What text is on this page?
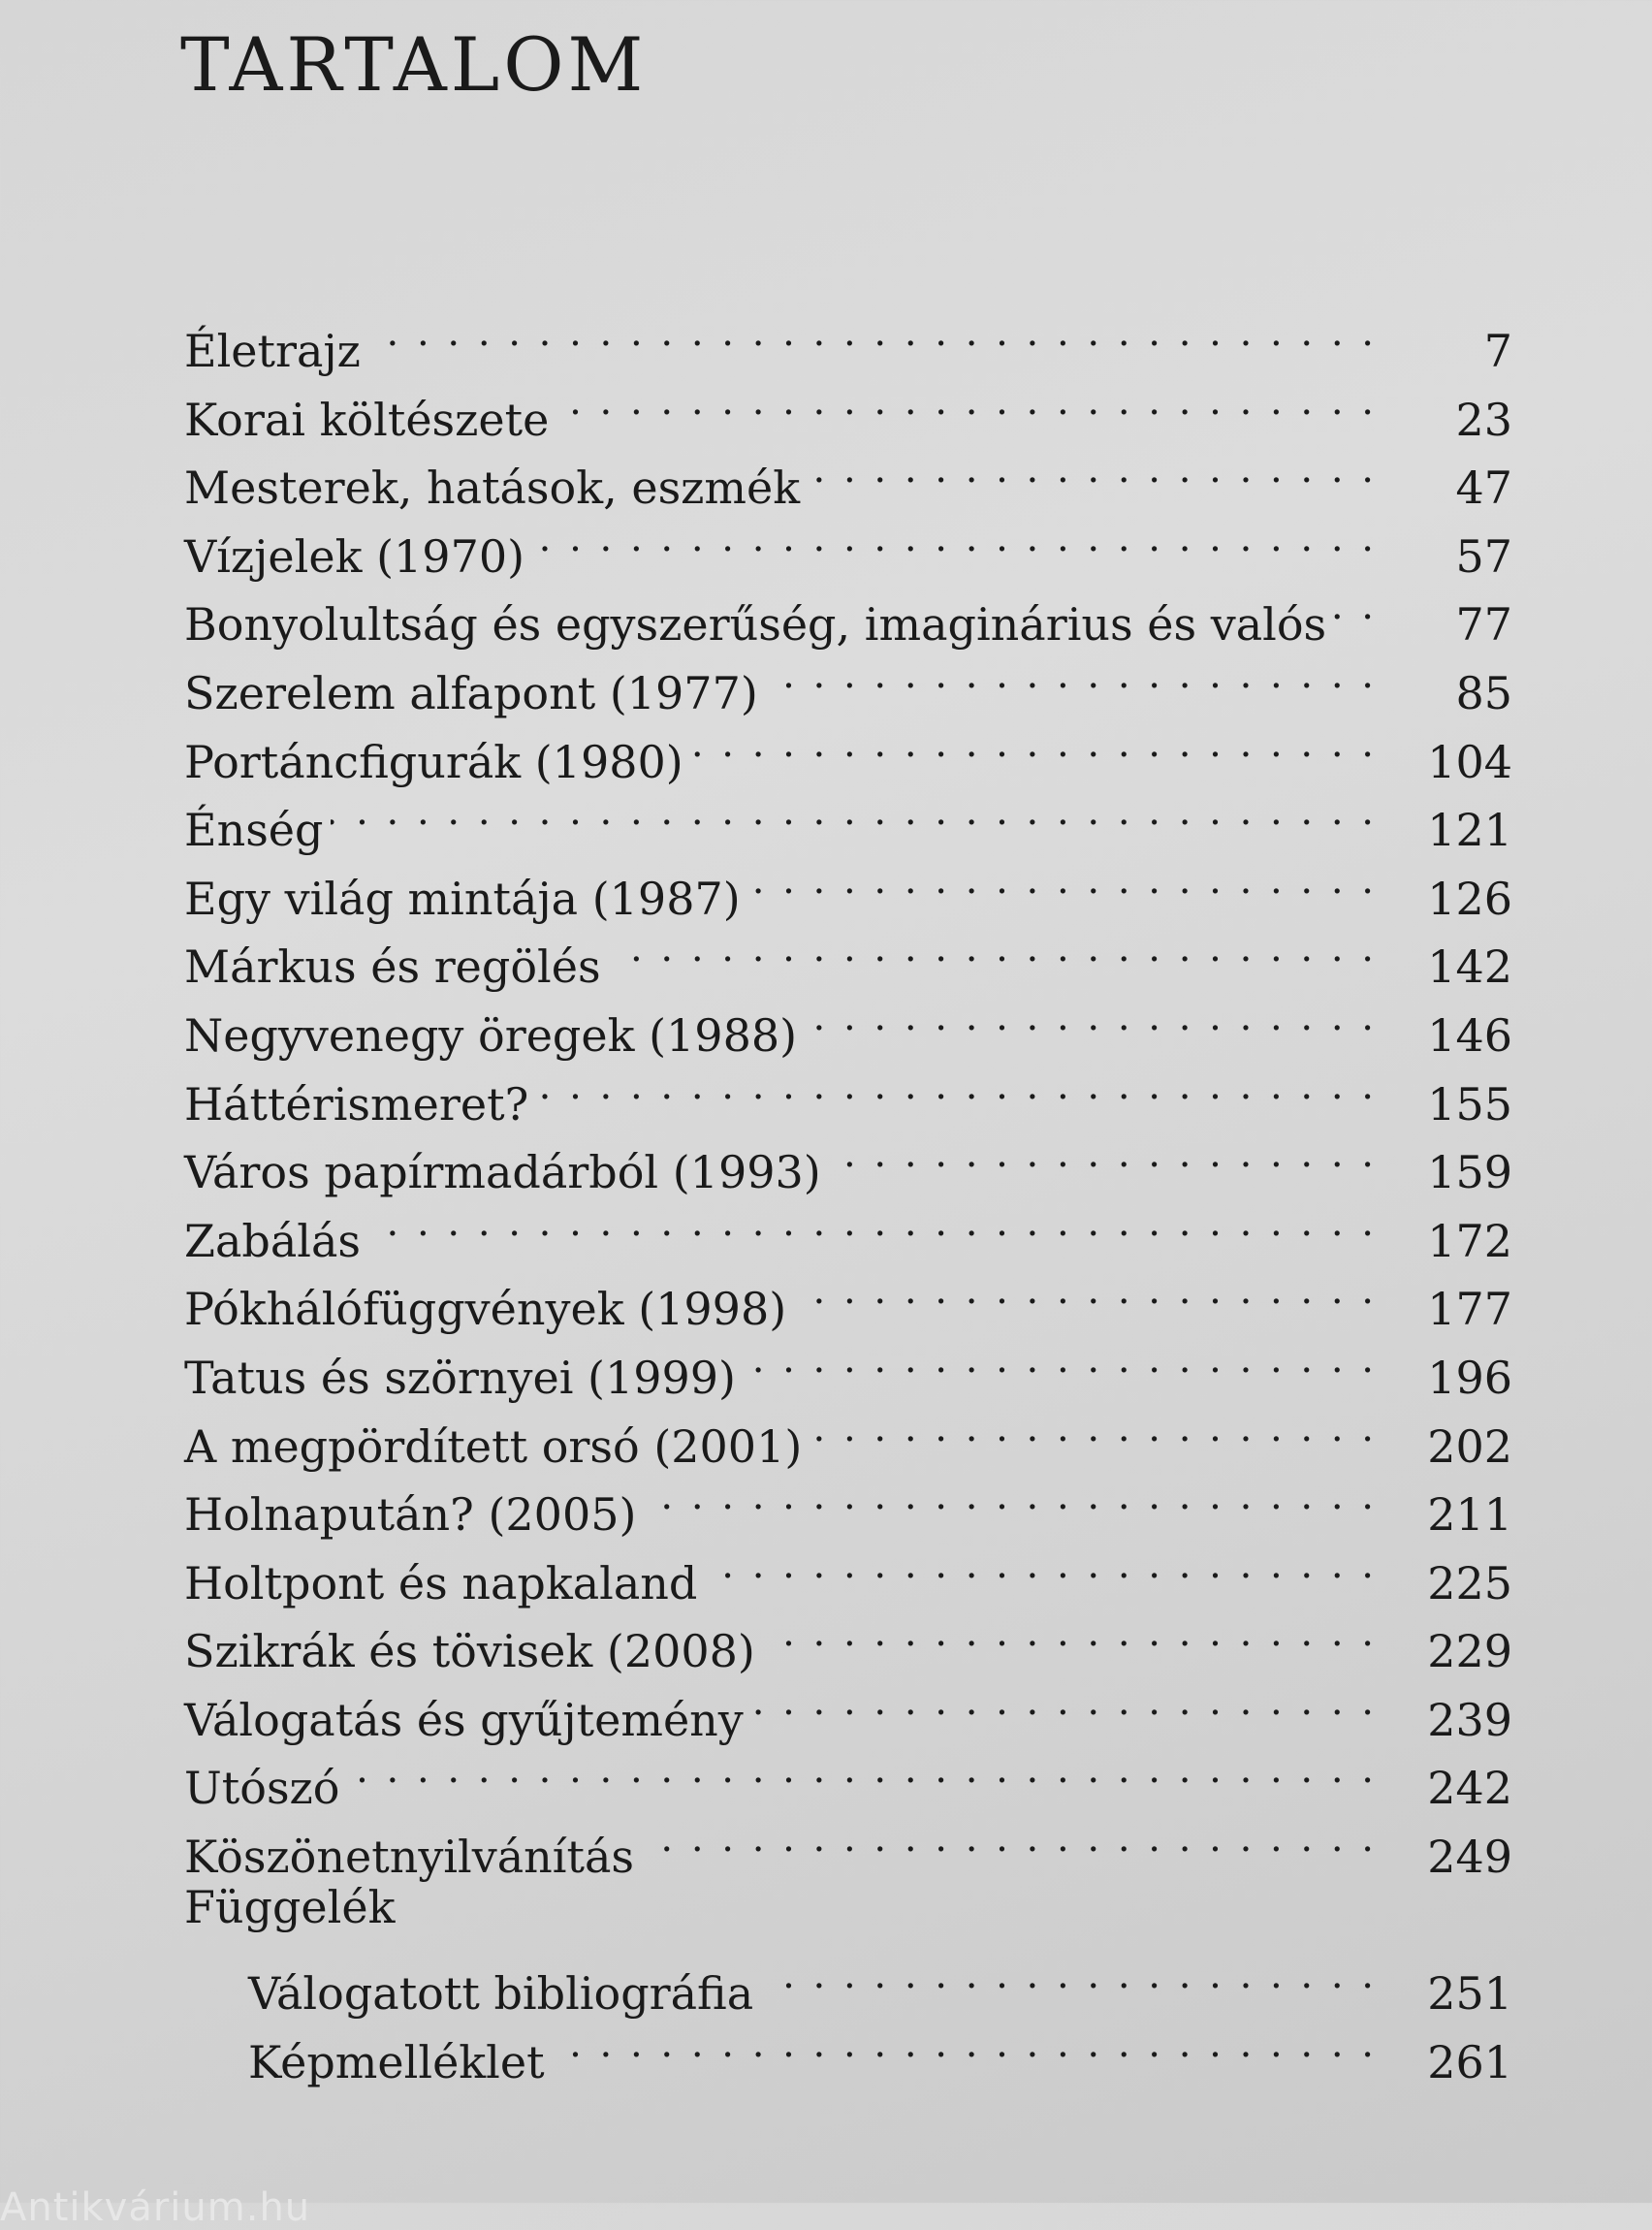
TARTALOM
Életrajz . . .	7
Korai költészete . . .	23
Mesterek, hatások, eszmék . . .	47
Vízjelek (1970) . . .	57
Bonyolultság és egyszerűség, imaginárius és valós . . .	77
Szerelem alfapont (1977) . . .	85
Portáncfigurák (1980) . . .	104
Énség . . .	121
Egy világ mintája (1987) . . .	126
Márkus és regölés . . .	142
Negyvenegy öregek (1988) . . .	146
Háttérismeret? . . .	155
Város papírmadárból (1993) . . .	159
Zabálás . . .	172
Pókhálófüggvények (1998) . . .	177
Tatus és szörnyei (1999) . . .	196
A megpördített orsó (2001) . . .	202
Holnapután? (2005) . . .	211
Holtpont és napkaland . . .	225
Szikrák és tövisek (2008) . . .	229
Válogatás és gyűjtemény . . .	239
Utószó . . .	242
Köszönetnyilvánítás . . .	249
Függelék
Válogatott bibliográfia . . .	251
Képmelléklet . . .	261
Antikvárium.hu
